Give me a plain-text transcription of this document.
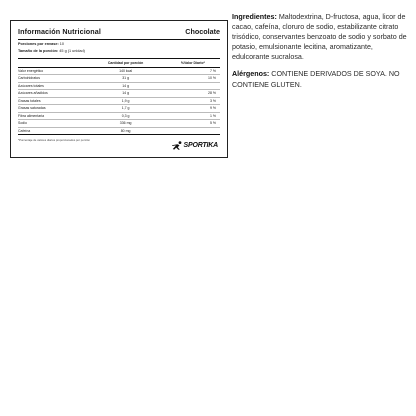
Información Nutricional	Chocolate
Porciones por envase: 10
Tamaño de la porción: 45 g (1 unidad)
	Cantidad por porción	%Valor Diario*
Valor energético	140 kcal	7 %
Carbohidratos	31 g	10 %
Azúcares totales	14 g	
Azúcares añadidos	14 g	28 %
Grasas totales	1,9 g	3 %
Grasas saturadas	1,7 g	9 %
Fibra alimentaria	0,3 g	1 %
Sodio	336 mg	5 %
Cafeína	80 mg	
*Porcentaje de valores diarios proporcionados por porción
SPORTIKA

Ingredientes: Maltodextrina, D-fructosa, agua, licor de cacao, cafeína, cloruro de sodio, estabilizante citrato trisódico, conservantes benzoato de sodio y sorbato de potasio, emulsionante lecitina, aromatizante, edulcorante sucralosa.

Alérgenos: CONTIENE DERIVADOS DE SOYA. NO CONTIENE GLUTEN.
